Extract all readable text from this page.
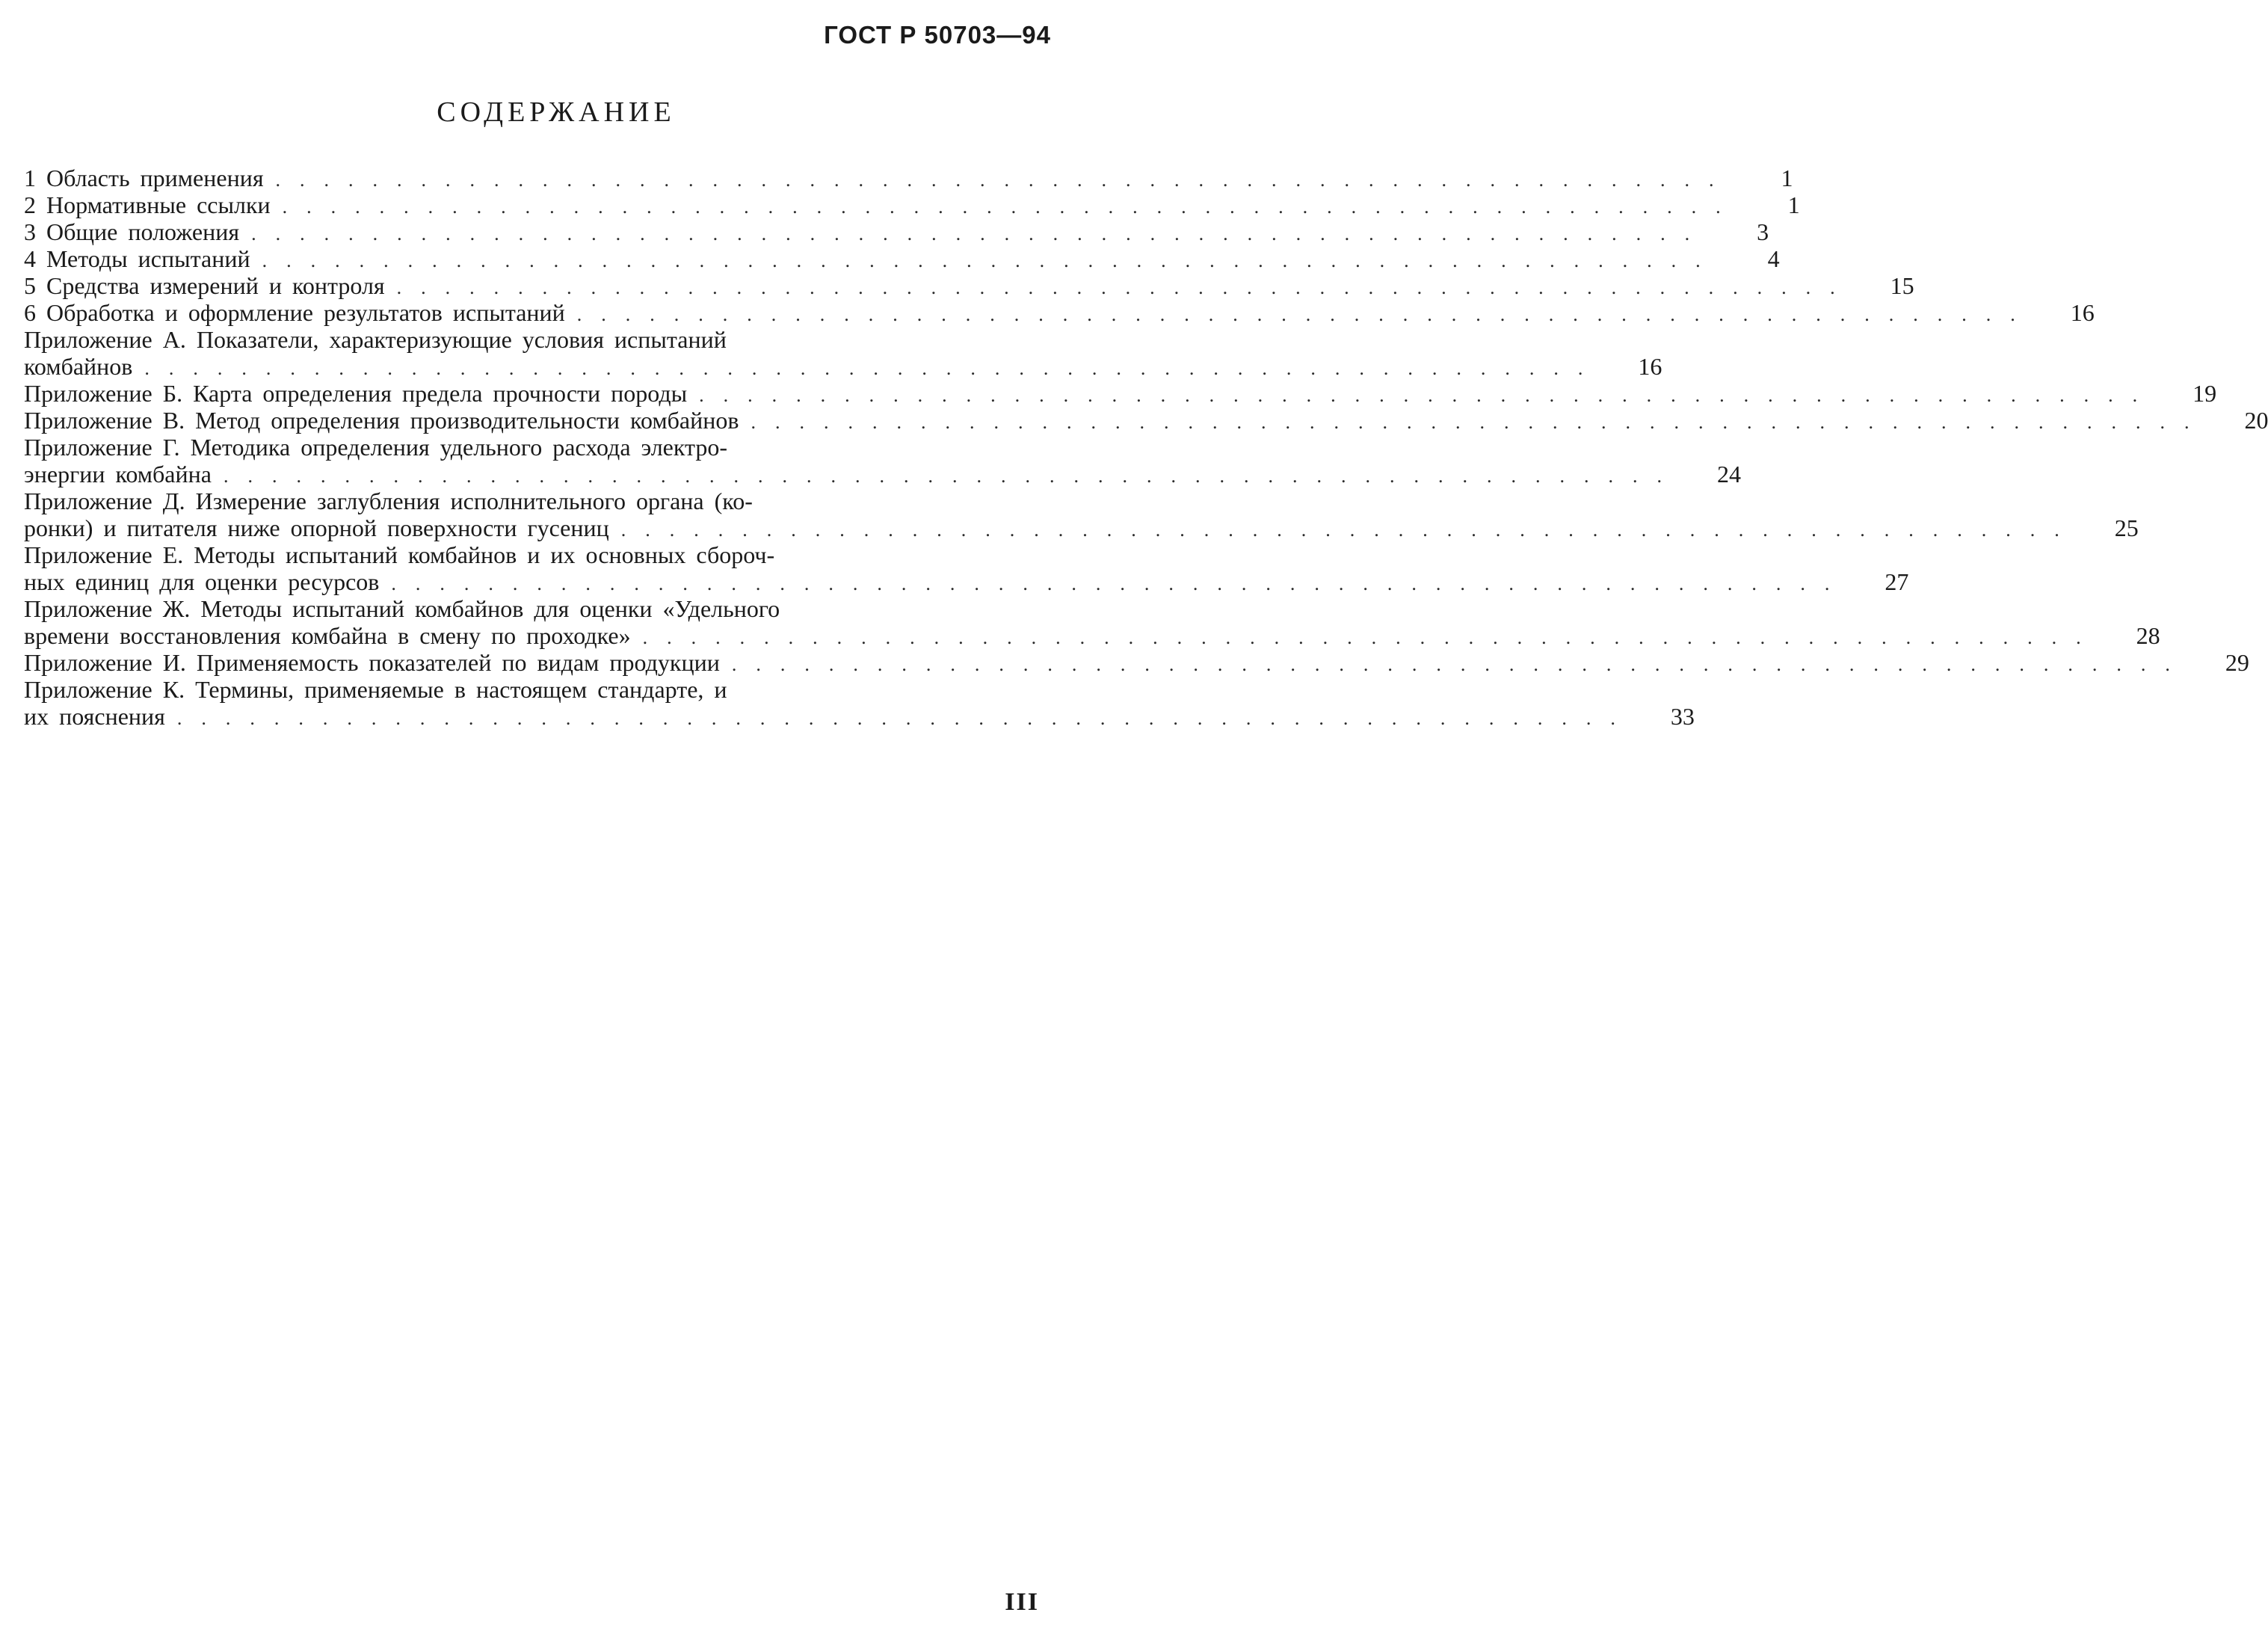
ГОСТ Р 50703—94
СОДЕРЖАНИЕ
1 Область применения ............................................................	1
2 Нормативные ссылки ............................................................	1
3 Общие положения ............................................................	3
4 Методы испытаний ............................................................	4
5 Средства измерений и контроля ............................................................	15
6 Обработка и оформление результатов испытаний ............................................................	16
Приложение А. Показатели, характеризующие условия испытаний
комбайнов ............................................................	16
Приложение Б. Карта определения предела прочности породы ............................................................	19
Приложение В. Метод определения производительности комбайнов ............................................................	20
Приложение Г. Методика определения удельного расхода электро-
энергии комбайна ............................................................	24
Приложение Д. Измерение заглубления исполнительного органа (ко-
ронки) и питателя ниже опорной поверхности гусениц ............................................................	25
Приложение Е. Методы испытаний комбайнов и их основных сбороч-
ных единиц для оценки ресурсов ............................................................	27
Приложение Ж. Методы испытаний комбайнов для оценки «Удельного
времени восстановления комбайна в смену по проходке» ............................................................	28
Приложение И. Применяемость показателей по видам продукции ............................................................	29
Приложение К. Термины, применяемые в настоящем стандарте, и
их пояснения ............................................................	33
III
